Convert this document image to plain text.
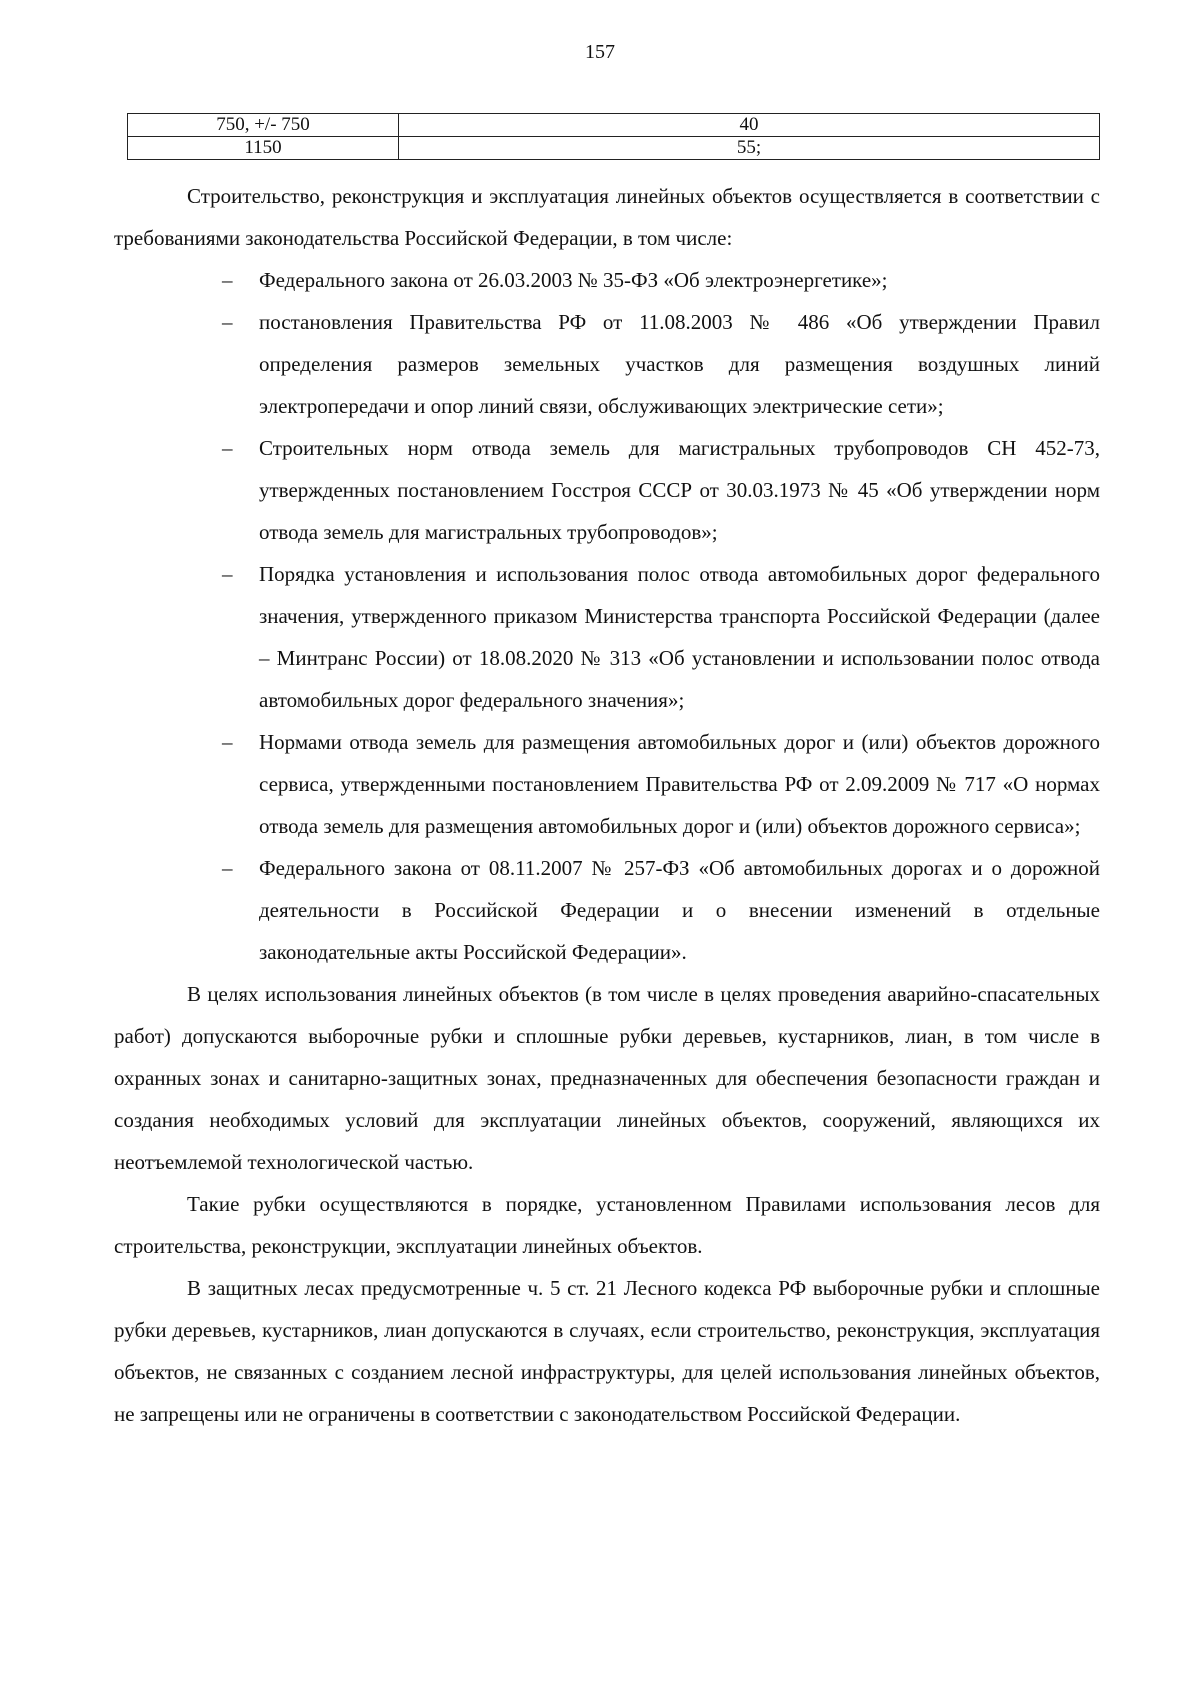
157
750, +/- 750	40
1150	55;

Строительство, реконструкция и эксплуатация линейных объектов осуществляется в соответствии с требованиями законодательства Российской Федерации, в том числе:

– Федерального закона от 26.03.2003 № 35-ФЗ «Об электроэнергетике»;
– постановления Правительства РФ от 11.08.2003 № 486 «Об утверждении Правил определения размеров земельных участков для размещения воздушных линий электропередачи и опор линий связи, обслуживающих электрические сети»;
– Строительных норм отвода земель для магистральных трубопроводов СН 452-73, утвержденных постановлением Госстроя СССР от 30.03.1973 № 45 «Об утверждении норм отвода земель для магистральных трубопроводов»;
– Порядка установления и использования полос отвода автомобильных дорог федерального значения, утвержденного приказом Министерства транспорта Российской Федерации (далее – Минтранс России) от 18.08.2020 № 313 «Об установлении и использовании полос отвода автомобильных дорог федерального значения»;
– Нормами отвода земель для размещения автомобильных дорог и (или) объектов дорожного сервиса, утвержденными постановлением Правительства РФ от 2.09.2009 № 717 «О нормах отвода земель для размещения автомобильных дорог и (или) объектов дорожного сервиса»;
– Федерального закона от 08.11.2007 № 257-ФЗ «Об автомобильных дорогах и о дорожной деятельности в Российской Федерации и о внесении изменений в отдельные законодательные акты Российской Федерации».

В целях использования линейных объектов (в том числе в целях проведения аварийно-спасательных работ) допускаются выборочные рубки и сплошные рубки деревьев, кустарников, лиан, в том числе в охранных зонах и санитарно-защитных зонах, предназначенных для обеспечения безопасности граждан и создания необходимых условий для эксплуатации линейных объектов, сооружений, являющихся их неотъемлемой технологической частью.

Такие рубки осуществляются в порядке, установленном Правилами использования лесов для строительства, реконструкции, эксплуатации линейных объектов.

В защитных лесах предусмотренные ч. 5 ст. 21 Лесного кодекса РФ выборочные рубки и сплошные рубки деревьев, кустарников, лиан допускаются в случаях, если строительство, реконструкция, эксплуатация объектов, не связанных с созданием лесной инфраструктуры, для целей использования линейных объектов, не запрещены или не ограничены в соответствии с законодательством Российской Федерации.
